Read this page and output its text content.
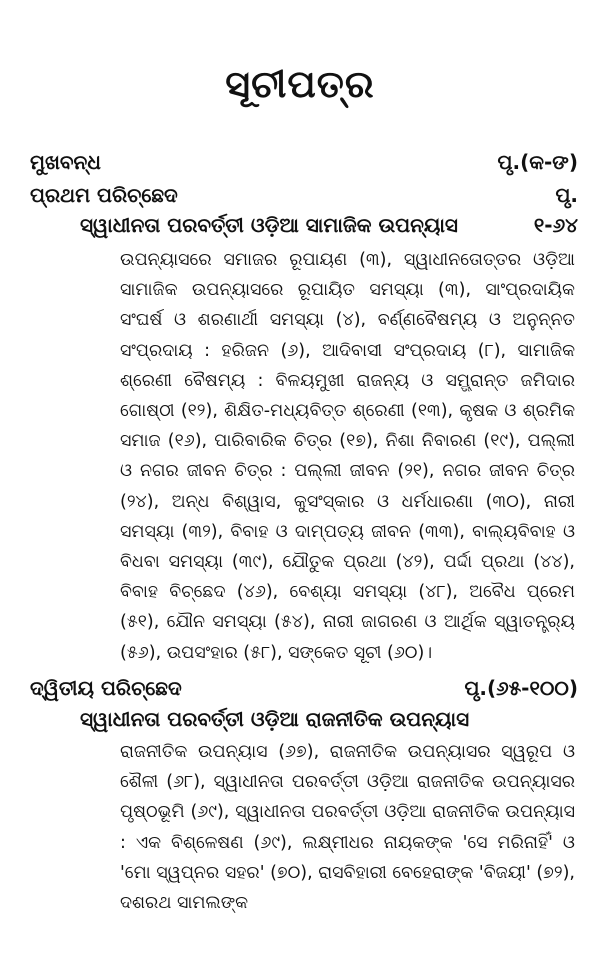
ସୂଚୀପତ୍ର
ମୁଖବନ୍ଧ	ପୃ.(କ-ଙ)
ପ୍ରଥମ ପରିଚ୍ଛେଦ	ପୃ.
ସ୍ୱାଧୀନତା ପରବର୍ତ୍ତୀ ଓଡ଼ିଆ ସାମାଜିକ ଉପନ୍ୟାସ	୧-୬୪

ଉପନ୍ୟାସରେ ସମାଜର ରୂପାୟଣ (୩), ସ୍ୱାଧୀନତୋତ୍ତର ଓଡ଼ିଆ ସାମାଜିକ ଉପନ୍ୟାସରେ ରୂପାୟିତ ସମସ୍ୟା (୩), ସାଂପ୍ରଦାୟିକ ସଂଘର୍ଷ ଓ ଶରଣାର୍ଥୀ ସମସ୍ୟା (୪), ବର୍ଣ୍ଣବୈଷମ୍ୟ ଓ ଅନୁନ୍ନତ ସଂପ୍ରଦାୟ : ହରିଜନ (୬), ଆଦିବାସୀ ସଂପ୍ରଦାୟ (୮), ସାମାଜିକ ଶ୍ରେଣୀ ବୈଷମ୍ୟ : ବିଳୟମୁଖୀ ରାଜନ୍ୟ ଓ ସମ୍ଭ୍ରାନ୍ତ ଜମିଦାର ଗୋଷ୍ଠୀ (୧୨), ଶିକ୍ଷିତ-ମଧ୍ୟବିତ୍ତ ଶ୍ରେଣୀ (୧୩), କୃଷକ ଓ ଶ୍ରମିକ ସମାଜ (୧୬), ପାରିବାରିକ ଚିତ୍ର (୧୭), ନିଶା ନିବାରଣ (୧୯), ପଲ୍ଲୀ ଓ ନଗର ଜୀବନ ଚିତ୍ର : ପଲ୍ଲୀ ଜୀବନ (୨୧), ନଗର ଜୀବନ ଚିତ୍ର (୨୪), ଅନ୍ଧ ବିଶ୍ୱାସ, କୁସଂସ୍କାର ଓ ଧର୍ମଧାରଣା (୩୦), ନାରୀ ସମସ୍ୟା (୩୨), ବିବାହ ଓ ଦାମ୍ପତ୍ୟ ଜୀବନ (୩୩), ବାଲ୍ୟବିବାହ ଓ ବିଧବା ସମସ୍ୟା (୩୯), ଯୌତୁକ ପ୍ରଥା (୪୨), ପର୍ଦ୍ଦା ପ୍ରଥା (୪୪), ବିବାହ ବିଚ୍ଛେଦ (୪୬), ବେଶ୍ୟା ସମସ୍ୟା (୪୮), ଅବୈଧ ପ୍ରେମ (୫୧), ଯୌନ ସମସ୍ୟା (୫୪), ନାରୀ ଜାଗରଣ ଓ ଆର୍ଥିକ ସ୍ୱାତନ୍ତ୍ର୍ୟ (୫୬), ଉପସଂହାର (୫୮), ସଙ୍କେତ ସୂଚୀ (୬୦)।

ଦ୍ୱିତୀୟ ପରିଚ୍ଛେଦ	ପୃ.(୬୫-୧୦୦)
ସ୍ୱାଧୀନତା ପରବର୍ତ୍ତୀ ଓଡ଼ିଆ ରାଜନୀତିକ ଉପନ୍ୟାସ

ରାଜନୀତିକ ଉପନ୍ୟାସ (୬୭), ରାଜନୀତିକ ଉପନ୍ୟାସର ସ୍ୱରୂପ ଓ ଶୈଳୀ (୬୮), ସ୍ୱାଧୀନତା ପରବର୍ତ୍ତୀ ଓଡ଼ିଆ ରାଜନୀତିକ ଉପନ୍ୟାସର ପୃଷ୍ଠଭୂମି (୬୯), ସ୍ୱାଧୀନତା ପରବର୍ତ୍ତୀ ଓଡ଼ିଆ ରାଜନୀତିକ ଉପନ୍ୟାସ : ଏକ ବିଶ୍ଳେଷଣ (୬୯), ଲକ୍ଷ୍ମୀଧର ନାୟକଙ୍କ 'ସେ ମରିନାହିଁ' ଓ 'ମୋ ସ୍ୱପ୍ନର ସହର' (୭୦), ରାସବିହାରୀ ବେହେରାଙ୍କ 'ବିଜୟୀ' (୭୨), ଦଶରଥ ସାମଲଙ୍କ
